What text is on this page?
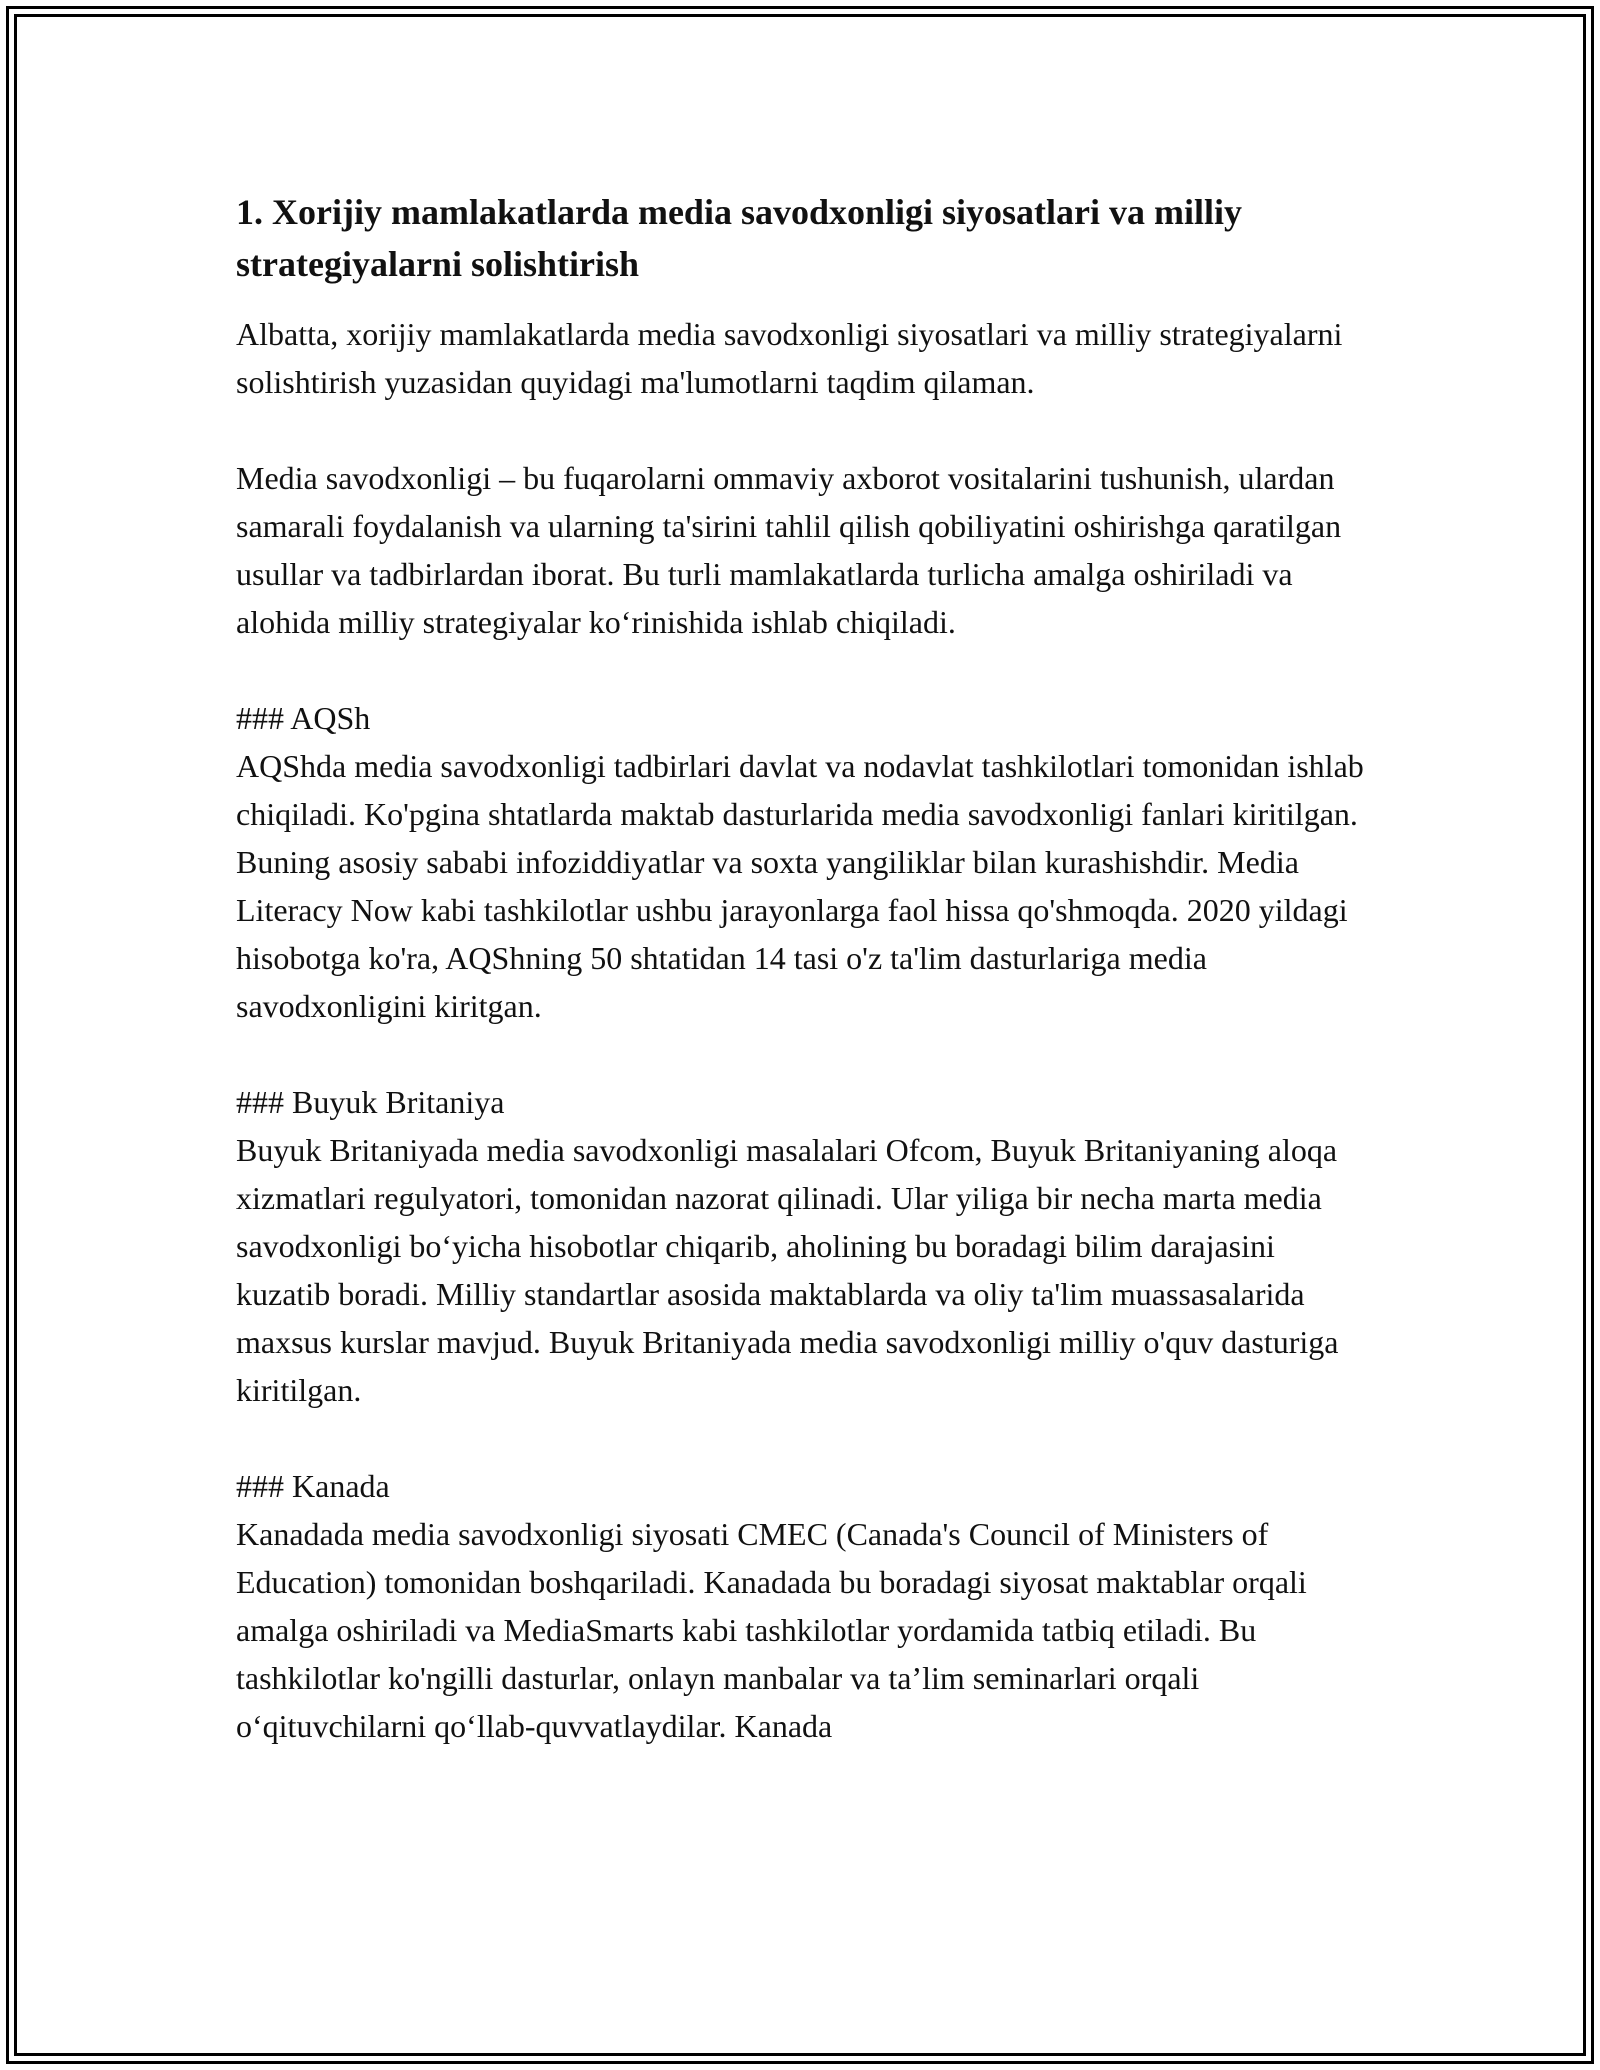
1. Xorijiy mamlakatlarda media savodxonligi siyosatlari va milliy strategiyalarni solishtirish

Albatta, xorijiy mamlakatlarda media savodxonligi siyosatlari va milliy strategiyalarni solishtirish yuzasidan quyidagi ma'lumotlarni taqdim qilaman.

Media savodxonligi – bu fuqarolarni ommaviy axborot vositalarini tushunish, ulardan samarali foydalanish va ularning ta'sirini tahlil qilish qobiliyatini oshirishga qaratilgan usullar va tadbirlardan iborat. Bu turli mamlakatlarda turlicha amalga oshiriladi va alohida milliy strategiyalar ko‘rinishida ishlab chiqiladi.

### AQSh

AQShda media savodxonligi tadbirlari davlat va nodavlat tashkilotlari tomonidan ishlab chiqiladi. Ko'pgina shtatlarda maktab dasturlarida media savodxonligi fanlari kiritilgan. Buning asosiy sababi infoziddiyatlar va soxta yangiliklar bilan kurashishdir. Media Literacy Now kabi tashkilotlar ushbu jarayonlarga faol hissa qo'shmoqda. 2020 yildagi hisobotga ko'ra, AQShning 50 shtatidan 14 tasi o'z ta'lim dasturlariga media savodxonligini kiritgan.

### Buyuk Britaniya

Buyuk Britaniyada media savodxonligi masalalari Ofcom, Buyuk Britaniyaning aloqa xizmatlari regulyatori, tomonidan nazorat qilinadi. Ular yiliga bir necha marta media savodxonligi bo‘yicha hisobotlar chiqarib, aholining bu boradagi bilim darajasini kuzatib boradi. Milliy standartlar asosida maktablarda va oliy ta'lim muassasalarida maxsus kurslar mavjud. Buyuk Britaniyada media savodxonligi milliy o'quv dasturiga kiritilgan.

### Kanada

Kanadada media savodxonligi siyosati CMEC (Canada's Council of Ministers of Education) tomonidan boshqariladi. Kanadada bu boradagi siyosat maktablar orqali amalga oshiriladi va MediaSmarts kabi tashkilotlar yordamida tatbiq etiladi. Bu tashkilotlar ko'ngilli dasturlar, onlayn manbalar va ta’lim seminarlari orqali o‘qituvchilarni qo‘llab-quvvatlaydilar. Kanada
